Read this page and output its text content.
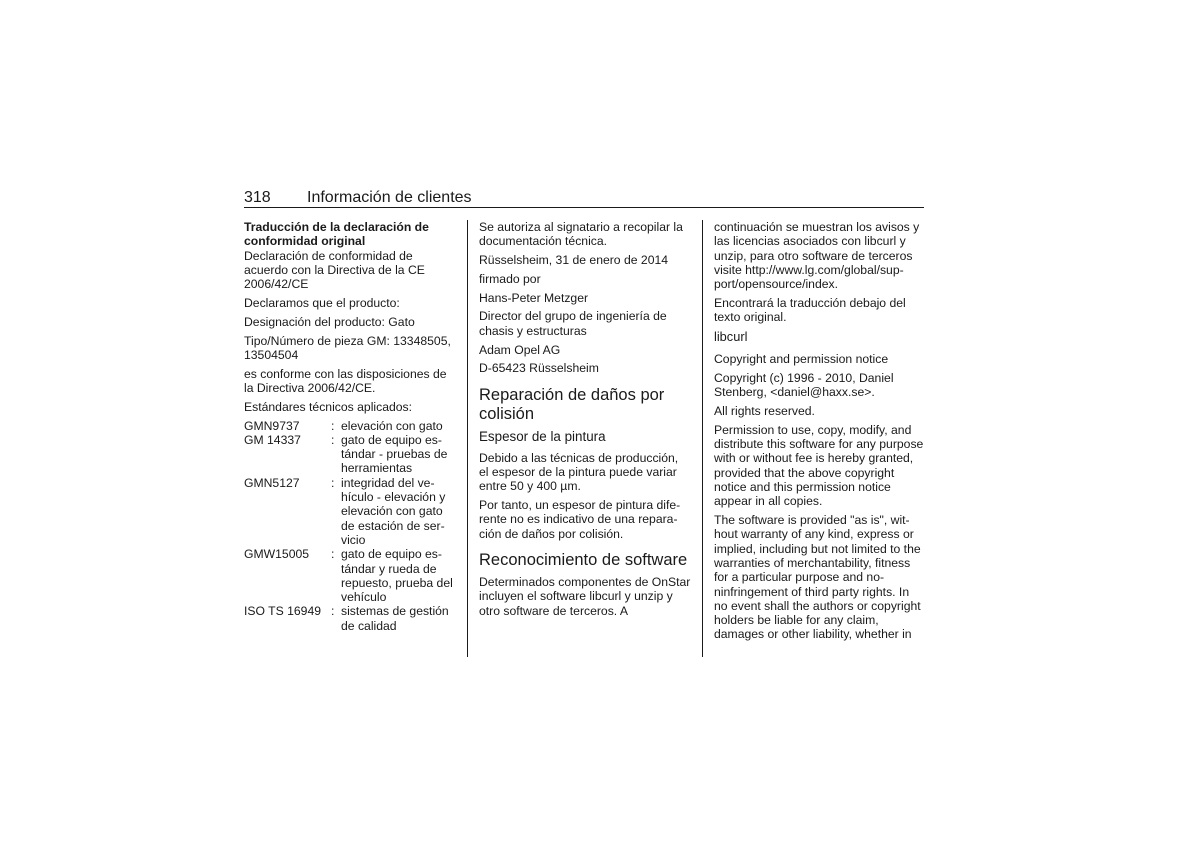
318 Información de clientes

Traducción de la declaración de conformidad original

Declaración de conformidad de acuerdo con la Directiva de la CE 2006/42/CE

Declaramos que el producto:

Designación del producto: Gato

Tipo/Número de pieza GM: 13348505, 13504504

es conforme con las disposiciones de la Directiva 2006/42/CE.

Estándares técnicos aplicados:

GMN9737	:	elevación con gato
GM 14337	:	gato de equipo estándar - pruebas de herramientas
GMN5127	:	integridad del vehículo - elevación y elevación con gato de estación de servicio
GMW15005	:	gato de equipo estándar y rueda de repuesto, prueba del vehículo
ISO TS 16949	:	sistemas de gestión de calidad

Se autoriza al signatario a recopilar la documentación técnica.

Rüsselsheim, 31 de enero de 2014

firmado por

Hans-Peter Metzger

Director del grupo de ingeniería de chasis y estructuras

Adam Opel AG

D-65423 Rüsselsheim

Reparación de daños por colisión
Espesor de la pintura

Debido a las técnicas de producción, el espesor de la pintura puede variar entre 50 y 400 µm.

Por tanto, un espesor de pintura diferente no es indicativo de una reparación de daños por colisión.

Reconocimiento de software

Determinados componentes de OnStar incluyen el software libcurl y unzip y otro software de terceros. A

continuación se muestran los avisos y las licencias asociados con libcurl y unzip, para otro software de terceros visite http://www.lg.com/global/support/opensource/index.

Encontrará la traducción debajo del texto original.

libcurl

Copyright and permission notice

Copyright (c) 1996 - 2010, Daniel Stenberg, <daniel@haxx.se>.

All rights reserved.

Permission to use, copy, modify, and distribute this software for any purpose with or without fee is hereby granted, provided that the above copyright notice and this permission notice appear in all copies.

The software is provided "as is", without warranty of any kind, express or implied, including but not limited to the warranties of merchantability, fitness for a particular purpose and noninfringement of third party rights. In no event shall the authors or copyright holders be liable for any claim, damages or other liability, whether in
